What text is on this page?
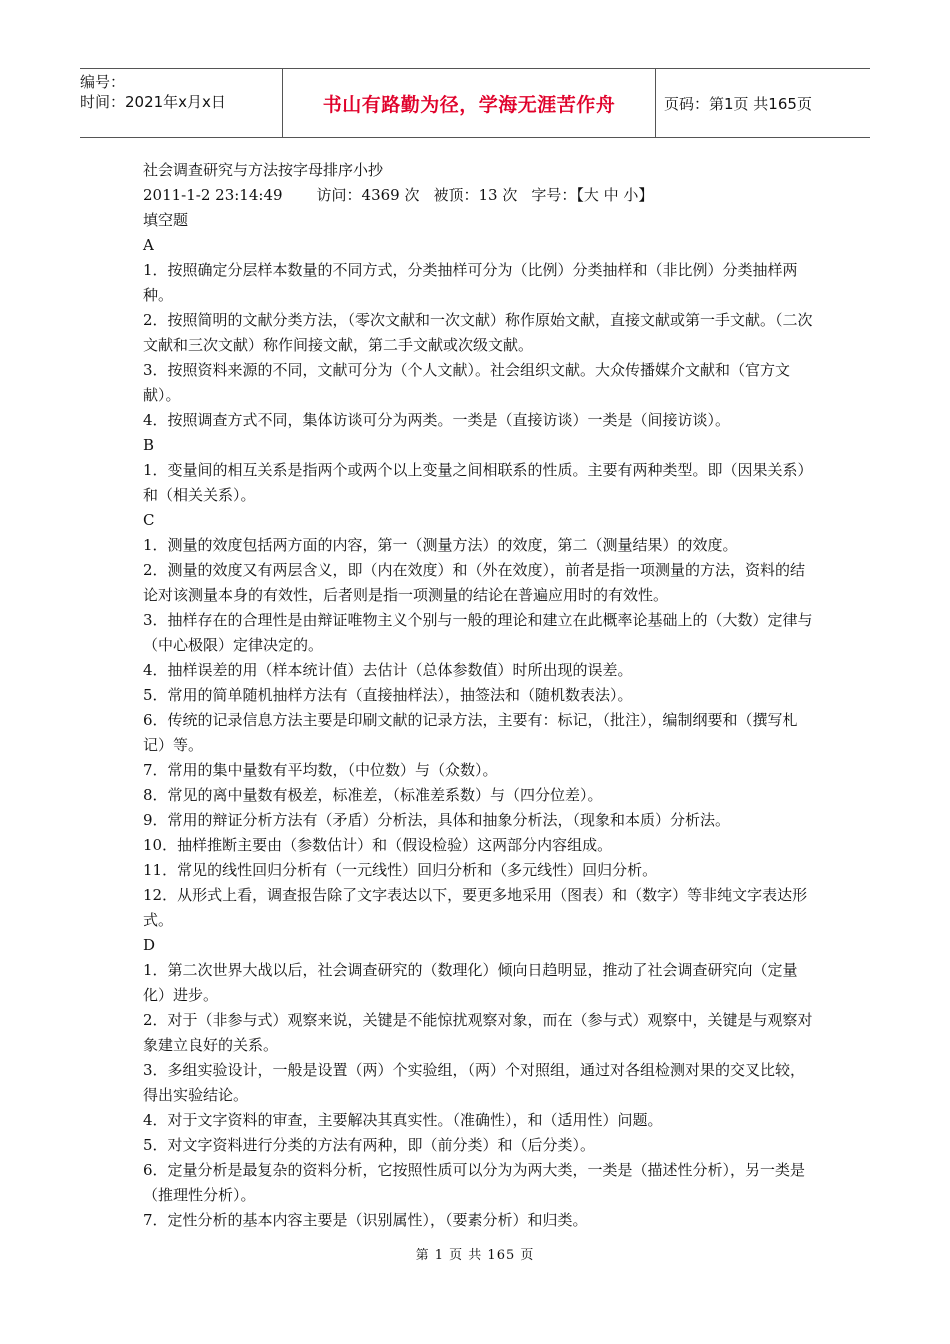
编号：
时间：2021年x月x日	书山有路勤为径，学海无涯苦作舟	页码：第1页 共165页
社会调查研究与方法按字母排序小抄
2011-1-2 23:14:49 访问：4369 次 被顶：13 次 字号：【大 中 小】
填空题
A
1．按照确定分层样本数量的不同方式，分类抽样可分为（比例）分类抽样和（非比例）分类抽样两种。
2．按照简明的文献分类方法，（零次文献和一次文献）称作原始文献，直接文献或第一手文献。（二次文献和三次文献）称作间接文献，第二手文献或次级文献。
3．按照资料来源的不同，文献可分为（个人文献）。社会组织文献。大众传播媒介文献和（官方文献）。
4．按照调查方式不同，集体访谈可分为两类。一类是（直接访谈）一类是（间接访谈）。
B
1．变量间的相互关系是指两个或两个以上变量之间相联系的性质。主要有两种类型。即（因果关系）和（相关关系）。
C
1．测量的效度包括两方面的内容，第一（测量方法）的效度，第二（测量结果）的效度。
2．测量的效度又有两层含义，即（内在效度）和（外在效度），前者是指一项测量的方法，资料的结论对该测量本身的有效性，后者则是指一项测量的结论在普遍应用时的有效性。
3．抽样存在的合理性是由辩证唯物主义个别与一般的理论和建立在此概率论基础上的（大数）定律与（中心极限）定律决定的。
4．抽样误差的用（样本统计值）去估计（总体参数值）时所出现的误差。
5．常用的简单随机抽样方法有（直接抽样法），抽签法和（随机数表法）。
6．传统的记录信息方法主要是印刷文献的记录方法，主要有：标记，（批注），编制纲要和（撰写札记）等。
7．常用的集中量数有平均数，（中位数）与（众数）。
8．常见的离中量数有极差，标准差，（标准差系数）与（四分位差）。
9．常用的辩证分析方法有（矛盾）分析法，具体和抽象分析法，（现象和本质）分析法。
10．抽样推断主要由（参数估计）和（假设检验）这两部分内容组成。
11．常见的线性回归分析有（一元线性）回归分析和（多元线性）回归分析。
12．从形式上看，调查报告除了文字表达以下，要更多地采用（图表）和（数字）等非纯文字表达形式。
D
1．第二次世界大战以后，社会调查研究的（数理化）倾向日趋明显，推动了社会调查研究向（定量化）进步。
2．对于（非参与式）观察来说，关键是不能惊扰观察对象，而在（参与式）观察中，关键是与观察对象建立良好的关系。
3．多组实验设计，一般是设置（两）个实验组，（两）个对照组，通过对各组检测对果的交叉比较，得出实验结论。
4．对于文字资料的审查，主要解决其真实性。（准确性），和（适用性）问题。
5．对文字资料进行分类的方法有两种，即（前分类）和（后分类）。
6．定量分析是最复杂的资料分析，它按照性质可以分为为两大类，一类是（描述性分析），另一类是（推理性分析）。
7．定性分析的基本内容主要是（识别属性），（要素分析）和归类。
第 1 页 共 165 页
